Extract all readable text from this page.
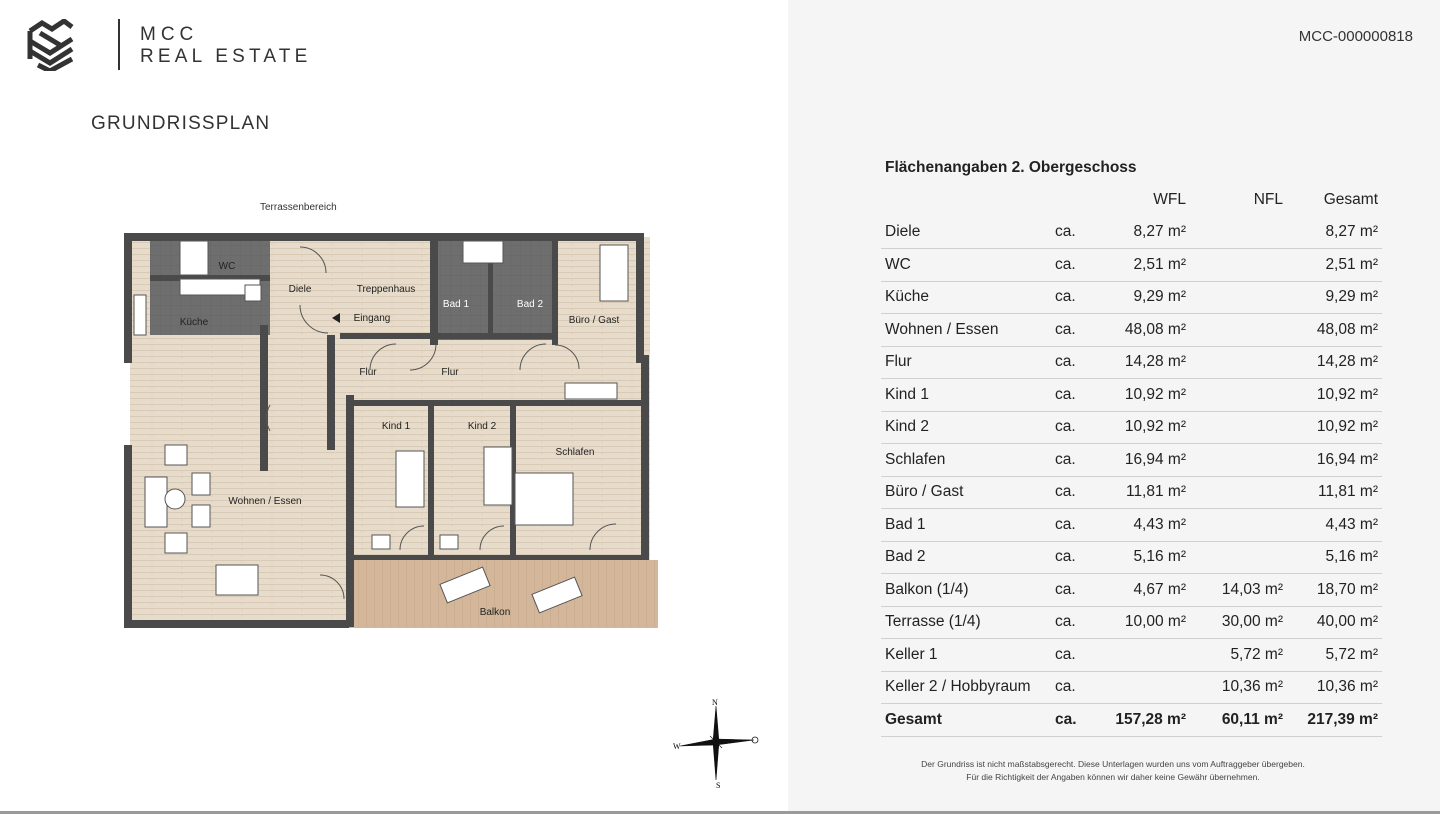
MCC
REAL ESTATE
GRUNDRISSPLAN
Terrassenbereich
WC
Diele	Treppenhaus
Eingang
Bad 1	Bad 2
Büro / Gast
Küche
Flur	Flur
Kind 1	Kind 2
Schlafen
Wohnen / Essen
Balkon
N
S
W
MCC-000000818
Flächenangaben 2. Obergeschoss
		WFL	NFL	Gesamt
Diele	ca.	8,27 m²		8,27 m²
WC	ca.	2,51 m²		2,51 m²
Küche	ca.	9,29 m²		9,29 m²
Wohnen / Essen	ca.	48,08 m²		48,08 m²
Flur	ca.	14,28 m²		14,28 m²
Kind 1	ca.	10,92 m²		10,92 m²
Kind 2	ca.	10,92 m²		10,92 m²
Schlafen	ca.	16,94 m²		16,94 m²
Büro / Gast	ca.	11,81 m²		11,81 m²
Bad 1	ca.	4,43 m²		4,43 m²
Bad 2	ca.	5,16 m²		5,16 m²
Balkon (1/4)	ca.	4,67 m²	14,03 m²	18,70 m²
Terrasse (1/4)	ca.	10,00 m²	30,00 m²	40,00 m²
Keller 1	ca.		5,72 m²	5,72 m²
Keller 2 / Hobbyraum	ca.		10,36 m²	10,36 m²
Gesamt	ca.	157,28 m²	60,11 m²	217,39 m²
Der Grundriss ist nicht maßstabsgerecht. Diese Unterlagen wurden uns vom Auftraggeber übergeben.
Für die Richtigkeit der Angaben können wir daher keine Gewähr übernehmen.
